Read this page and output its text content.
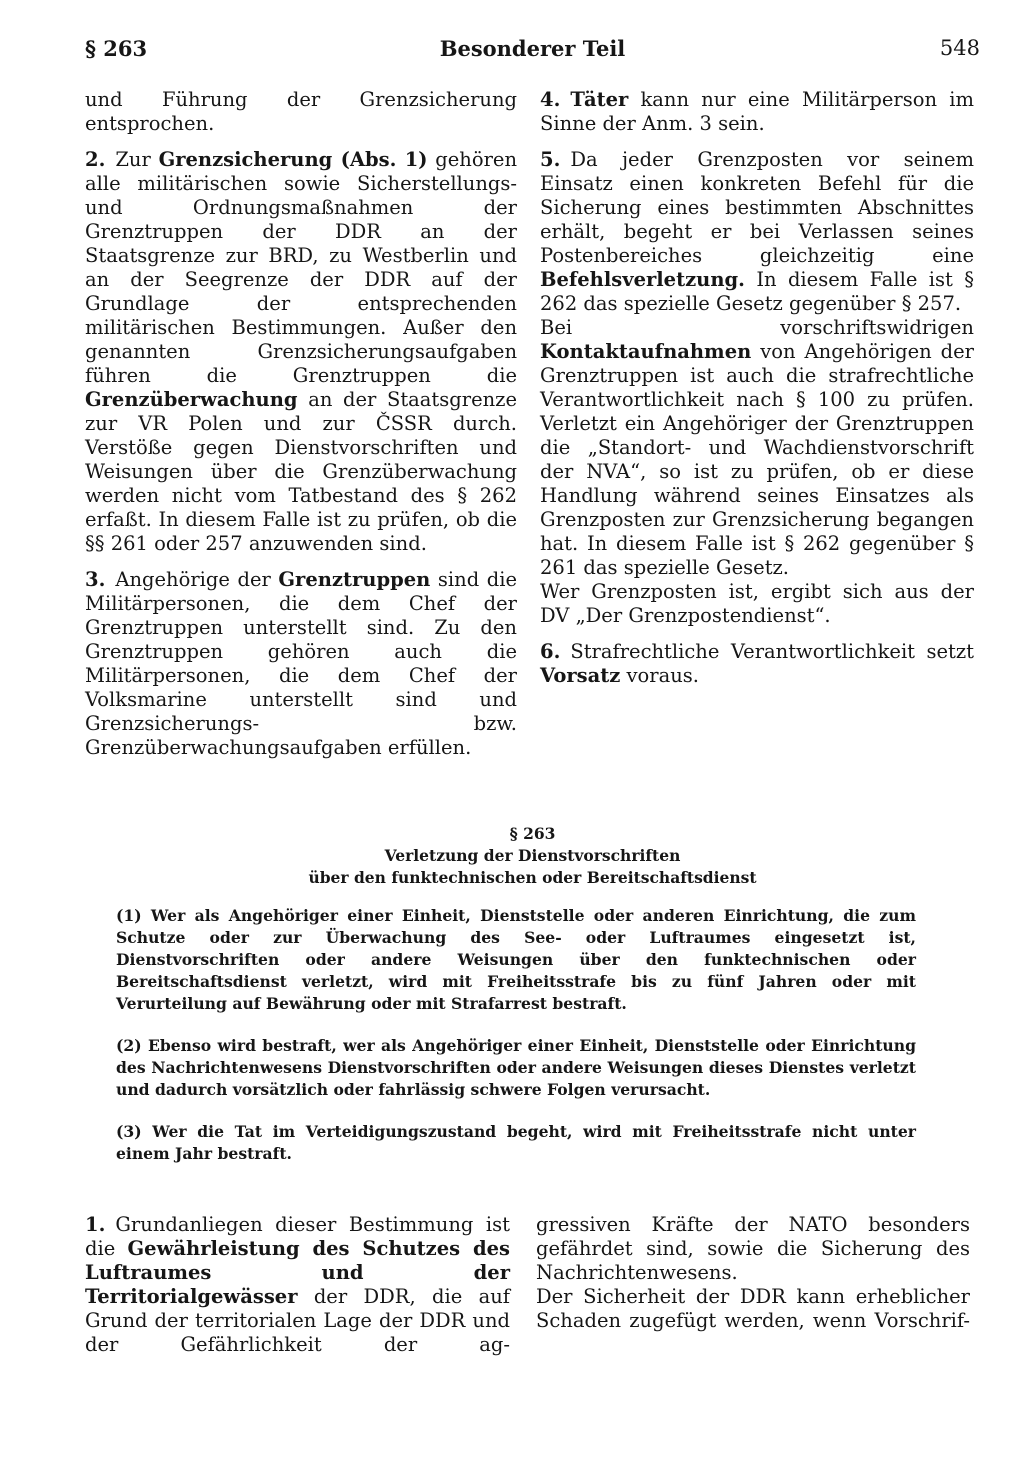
§ 263	Besonderer Teil	548

und Führung der Grenzsicherung entsprochen.

2. Zur Grenzsicherung (Abs. 1) gehören alle militärischen sowie Sicherstellungs- und Ordnungsmaßnahmen der Grenztruppen der DDR an der Staatsgrenze zur BRD, zu Westberlin und an der Seegrenze der DDR auf der Grundlage der entsprechenden militärischen Bestimmungen. Außer den genannten Grenzsicherungsaufgaben führen die Grenztruppen die Grenzüberwachung an der Staatsgrenze zur VR Polen und zur ČSSR durch. Verstöße gegen Dienstvorschriften und Weisungen über die Grenzüberwachung werden nicht vom Tatbestand des § 262 erfaßt. In diesem Falle ist zu prüfen, ob die §§ 261 oder 257 anzuwenden sind.

3. Angehörige der Grenztruppen sind die Militärpersonen, die dem Chef der Grenztruppen unterstellt sind. Zu den Grenztruppen gehören auch die Militärpersonen, die dem Chef der Volksmarine unterstellt sind und Grenzsicherungs- bzw. Grenzüberwachungsaufgaben erfüllen.

4. Täter kann nur eine Militärperson im Sinne der Anm. 3 sein.

5. Da jeder Grenzposten vor seinem Einsatz einen konkreten Befehl für die Sicherung eines bestimmten Abschnittes erhält, begeht er bei Verlassen seines Postenbereiches gleichzeitig eine Befehlsverletzung. In diesem Falle ist § 262 das spezielle Gesetz gegenüber § 257.

Bei vorschriftswidrigen Kontaktaufnahmen von Angehörigen der Grenztruppen ist auch die strafrechtliche Verantwortlichkeit nach § 100 zu prüfen. Verletzt ein Angehöriger der Grenztruppen die „Standort- und Wachdienstvorschrift der NVA“, so ist zu prüfen, ob er diese Handlung während seines Einsatzes als Grenzposten zur Grenzsicherung begangen hat. In diesem Falle ist § 262 gegenüber § 261 das spezielle Gesetz.

Wer Grenzposten ist, ergibt sich aus der DV „Der Grenzpostendienst“.

6. Strafrechtliche Verantwortlichkeit setzt Vorsatz voraus.

§ 263
Verletzung der Dienstvorschriften
über den funktechnischen oder Bereitschaftsdienst

(1) Wer als Angehöriger einer Einheit, Dienststelle oder anderen Einrichtung, die zum Schutze oder zur Überwachung des See- oder Luftraumes eingesetzt ist, Dienstvorschriften oder andere Weisungen über den funktechnischen oder Bereitschaftsdienst verletzt, wird mit Freiheitsstrafe bis zu fünf Jahren oder mit Verurteilung auf Bewährung oder mit Strafarrest bestraft.

(2) Ebenso wird bestraft, wer als Angehöriger einer Einheit, Dienststelle oder Einrichtung des Nachrichtenwesens Dienstvorschriften oder andere Weisungen dieses Dienstes verletzt und dadurch vorsätzlich oder fahrlässig schwere Folgen verursacht.

(3) Wer die Tat im Verteidigungszustand begeht, wird mit Freiheitsstrafe nicht unter einem Jahr bestraft.

1. Grundanliegen dieser Bestimmung ist die Gewährleistung des Schutzes des Luftraumes und der Territorialgewässer der DDR, die auf Grund der territorialen Lage der DDR und der Gefährlichkeit der ag-

gressiven Kräfte der NATO besonders gefährdet sind, sowie die Sicherung des Nachrichtenwesens.

Der Sicherheit der DDR kann erheblicher Schaden zugefügt werden, wenn Vorschrif-
